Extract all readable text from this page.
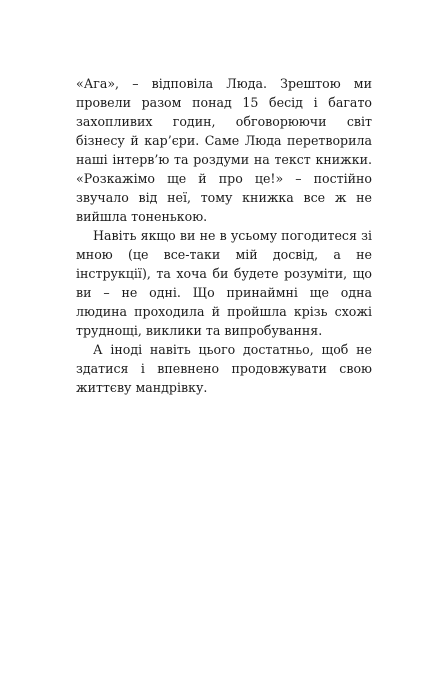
«Ага», – відповіла Люда. Зрештою ми провели разом понад 15 бесід і багато захопливих годин, обговорюючи світ бізнесу й кар’єри. Саме Люда перетворила наші інтерв’ю та роздуми на текст книжки. «Розкажімо ще й про це!» – постійно звучало від неї, тому книжка все ж не вийшла тоненькою.

Навіть якщо ви не в усьому погодитеся зі мною (це все-таки мій досвід, а не інструкції), та хоча би будете розуміти, що ви – не одні. Що принаймні ще одна людина проходила й пройшла крізь схожі труднощі, виклики та випробування.

А іноді навіть цього достатньо, щоб не здатися і впевнено продовжувати свою життєву мандрівку.
